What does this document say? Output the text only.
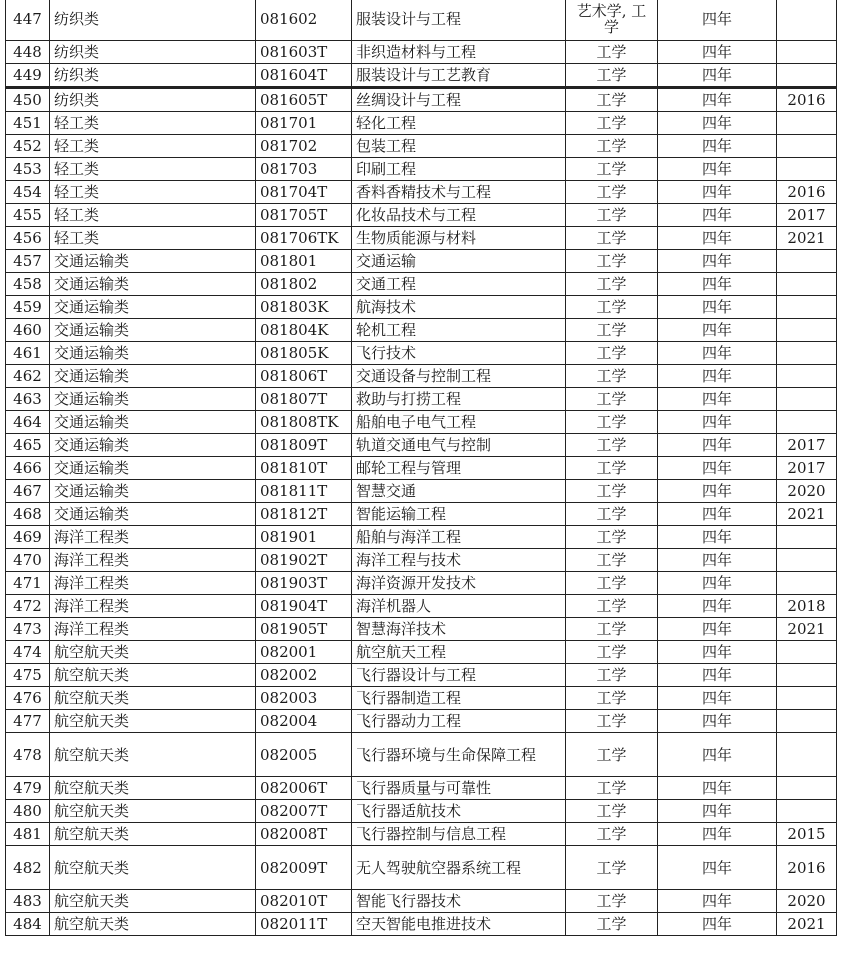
447	纺织类	081602	服装设计与工程	艺术学, 工学	四年	
448	纺织类	081603T	非织造材料与工程	工学	四年	
449	纺织类	081604T	服装设计与工艺教育	工学	四年	
450	纺织类	081605T	丝绸设计与工程	工学	四年	2016
451	轻工类	081701	轻化工程	工学	四年	
452	轻工类	081702	包装工程	工学	四年	
453	轻工类	081703	印刷工程	工学	四年	
454	轻工类	081704T	香料香精技术与工程	工学	四年	2016
455	轻工类	081705T	化妆品技术与工程	工学	四年	2017
456	轻工类	081706TK	生物质能源与材料	工学	四年	2021
457	交通运输类	081801	交通运输	工学	四年	
458	交通运输类	081802	交通工程	工学	四年	
459	交通运输类	081803K	航海技术	工学	四年	
460	交通运输类	081804K	轮机工程	工学	四年	
461	交通运输类	081805K	飞行技术	工学	四年	
462	交通运输类	081806T	交通设备与控制工程	工学	四年	
463	交通运输类	081807T	救助与打捞工程	工学	四年	
464	交通运输类	081808TK	船舶电子电气工程	工学	四年	
465	交通运输类	081809T	轨道交通电气与控制	工学	四年	2017
466	交通运输类	081810T	邮轮工程与管理	工学	四年	2017
467	交通运输类	081811T	智慧交通	工学	四年	2020
468	交通运输类	081812T	智能运输工程	工学	四年	2021
469	海洋工程类	081901	船舶与海洋工程	工学	四年	
470	海洋工程类	081902T	海洋工程与技术	工学	四年	
471	海洋工程类	081903T	海洋资源开发技术	工学	四年	
472	海洋工程类	081904T	海洋机器人	工学	四年	2018
473	海洋工程类	081905T	智慧海洋技术	工学	四年	2021
474	航空航天类	082001	航空航天工程	工学	四年	
475	航空航天类	082002	飞行器设计与工程	工学	四年	
476	航空航天类	082003	飞行器制造工程	工学	四年	
477	航空航天类	082004	飞行器动力工程	工学	四年	
478	航空航天类	082005	飞行器环境与生命保障工程	工学	四年	
479	航空航天类	082006T	飞行器质量与可靠性	工学	四年	
480	航空航天类	082007T	飞行器适航技术	工学	四年	
481	航空航天类	082008T	飞行器控制与信息工程	工学	四年	2015
482	航空航天类	082009T	无人驾驶航空器系统工程	工学	四年	2016
483	航空航天类	082010T	智能飞行器技术	工学	四年	2020
484	航空航天类	082011T	空天智能电推进技术	工学	四年	2021
